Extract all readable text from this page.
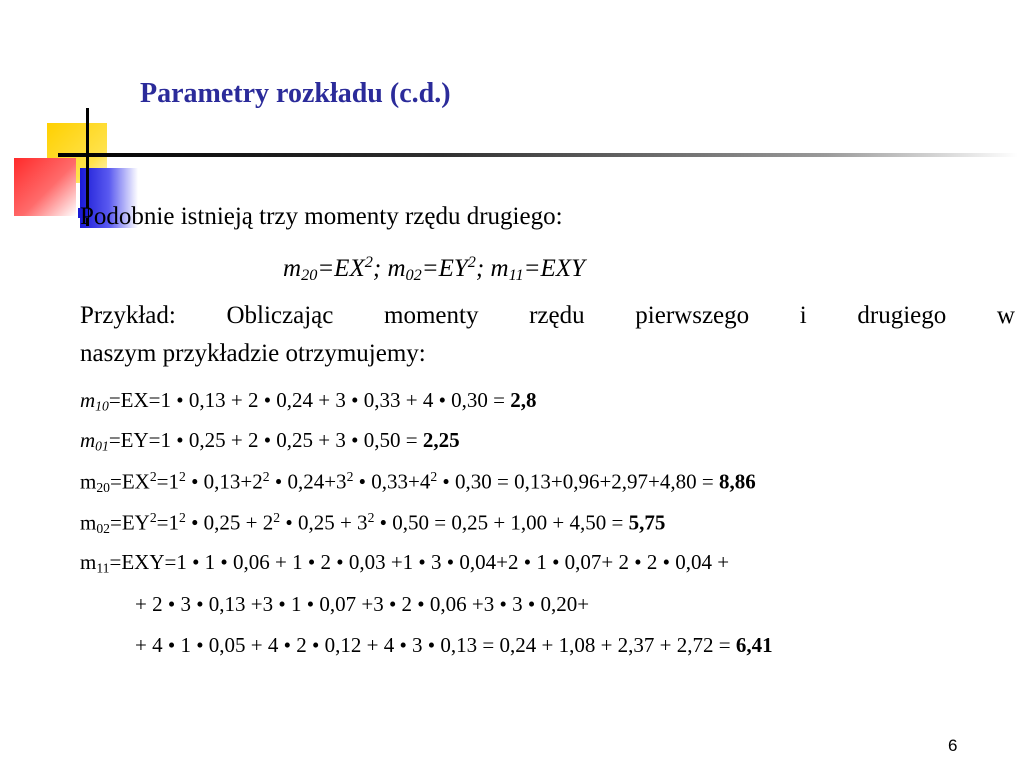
Parametry rozkładu (c.d.)
Podobnie istnieją trzy momenty rzędu drugiego:
$m_{20}=EX^2$; $m_{02}=EY^2$; $m_{11}=EXY$
Przykład: Obliczając momenty rzędu pierwszego i drugiego w
naszym przykładzie otrzymujemy:
$m_{10}=EX=1$ • 0,13 + 2 • 0,24 + 3 • 0,33 + 4 • 0,30 = 2,8
$m_{01}=EY=1$ • 0,25 + 2 • 0,25 + 3 • 0,50 = 2,25
$m_{20}=EX^2=1^2$ • $0,13+2^2$ • $0,24+3^2$ • $0,33+4^2$ • 0,30 = 0,13+0,96+2,97+4,80 = 8,86
$m_{02}=EY^2=1^2$ • $0,25 + 2^2$ • $0,25 + 3^2$ • 0,50 = 0,25 + 1,00 + 4,50 = 5,75
$m_{11}=EXY=1$ • 1 • 0,06 + 1 • 2 • 0,03 +1 • 3 • 0,04+2 • 1 • 0,07+ 2 • 2 • 0,04 +
+ 2 • 3 • 0,13 +3 • 1 • 0,07 +3 • 2 • 0,06 +3 • 3 • 0,20+
+ 4 • 1 • 0,05 + 4 • 2 • 0,12 + 4 • 3 • 0,13 = 0,24 + 1,08 + 2,37 + 2,72 = 6,41
6
